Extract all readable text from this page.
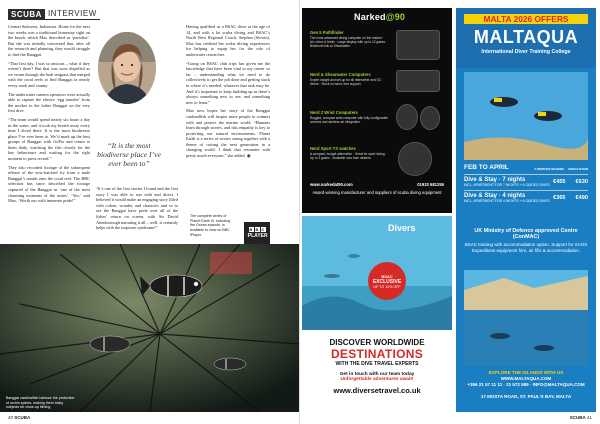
SCUBA INTERVIEW

Central Sulawesi, Indonesia. Home for the next two weeks was a traditional homestay right on the beach, which Max described as ‘paradise’. But she was initially concerned that, after all the research and planning, they would struggle to find the Banggai.

“That first day, I was so anxious – what if they weren’t there? But that was soon dispelled as we swam through the lush seagrass that merged with the coral reefs to find Banggai in nearly every nook and cranny.

The underwater camera operators were actually able to capture the elusive ‘egg transfer’ from the mother to the father Banggai on the very first dive.

“The team would spend nearly six hours a day in the water, and it took my breath away every time I dived there. It is the most biodiverse place I’ve ever been to. We’d mark up the best groups of Banggai with GoPro and return to them daily, watching the fish closely for the key behaviours and waiting for the right moment to press record.”

They also recorded footage of the subsequent release of the now-hatched fry from a male Banggai’s mouth onto the coral reef. The BBC selection has since described the footage captured of the Banggai as ‘one of the most charming moments of the series’. ‘Yes,’ said Max, ‘Worth our with immense pride!”

“It is the most biodiverse place I’ve ever been to”

“It’s one of the first stories I found and the first story I was able to run with and direct. I believed it would make an engaging story filled with colour, wonder, and character and so to see the Banggai have pride over all of the fishes’ return on screen, with Sir David Attenborough narrating it all – well, it certainly helps with the imposter syndrome!”

Having qualified as a BSAC diver at the age of 14, and with a lot scuba diving and BSAC’s North West Regional Coach, Stephen (Steven), Max has credited her scuba diving experiences for helping to equip her for the role of underwater researcher.

“Going on BSAC club trips has given me the knowledge that have been vital to my career so far – understanding what we need to do collectively to get the job done and getting stuck in where it’s needed, whatever that task may be. And it’s important to keep building up as there’s always something new to see, and something new to learn.”

Max now hopes her story of the Banggai cardinalfish will inspire more people to connect with and protect the marine world. “Humans learn through stories, and this empathy is key to protecting our natural environments. Planet Earth is a series of stories strung together with a theme of raising the next generation in a changing world. I think that resonates with pretty much everyone,” she added. ◉

The complete series of Planet Earth III, including the Ocean episode, is available to view on BBC iPlayer
B B C
iPLAYER
Banggai cardinalfish harbour the protection of urchin spines, making them tricky subjects for close-up filming
40 SCUBA
Narked@90
Gen 5 Pathfinder
The most advanced diving computer on the market · Air, nitrox & trimix · Large display with up to 12 gases · Bluetooth link to Shearwater.
Nerd & Shearwater Computers
Expert insight and set-up for all rebreather and OC divers · Stock on hand, free support.
Nerd 2 Wrist Computers
Rugged, compact wrist computer with fully configurable screens and wireless air integration.
Nerd Sport TX watches
A compact, budget alternative · Great for sport diving · Up to 3 gases · Available now from dealers.
www.narkedat90.com	01933 681255
Award-winning manufacturer and suppliers of scuba diving equipment
Divers
BSAC
EXCLUSIVE
UP TO 10% OFF
DISCOVER WORLDWIDE
DESTINATIONS
WITH THE DIVE TRAVEL EXPERTS
Get in touch with our team today
Unforgettable adventures await!
www.diversetravel.co.uk
MALTA 2026 OFFERS
MALTAQUA
International Diver Training College
FEB TO APRIL	2 PERSONS SHARING SINGLE ROOM
Dive & Stay · 7 nights
INCL. APARTMENT FOR 7 NIGHTS + 6 GUIDED DIVES €455 €630
Dive & Stay · 4 nights
INCL. APARTMENT FOR 4 NIGHTS + 6 GUIDED DIVES €365 €490
UK Ministry of Defence approved Centre (ConMAC)
BSAC training with accommodation option. Support for SAOS Expeditions equipment hire, air fills & accommodation.
EXPLORE THE ISLANDS WITH US
WWW.MALTAQUA.COM
+356 21 57 11 11 · 21 572 589 · INFO@MALTAQUA.COM
17 MOSTA ROAD, ST. PAUL'S BAY, MALTA
SCUBA 41
